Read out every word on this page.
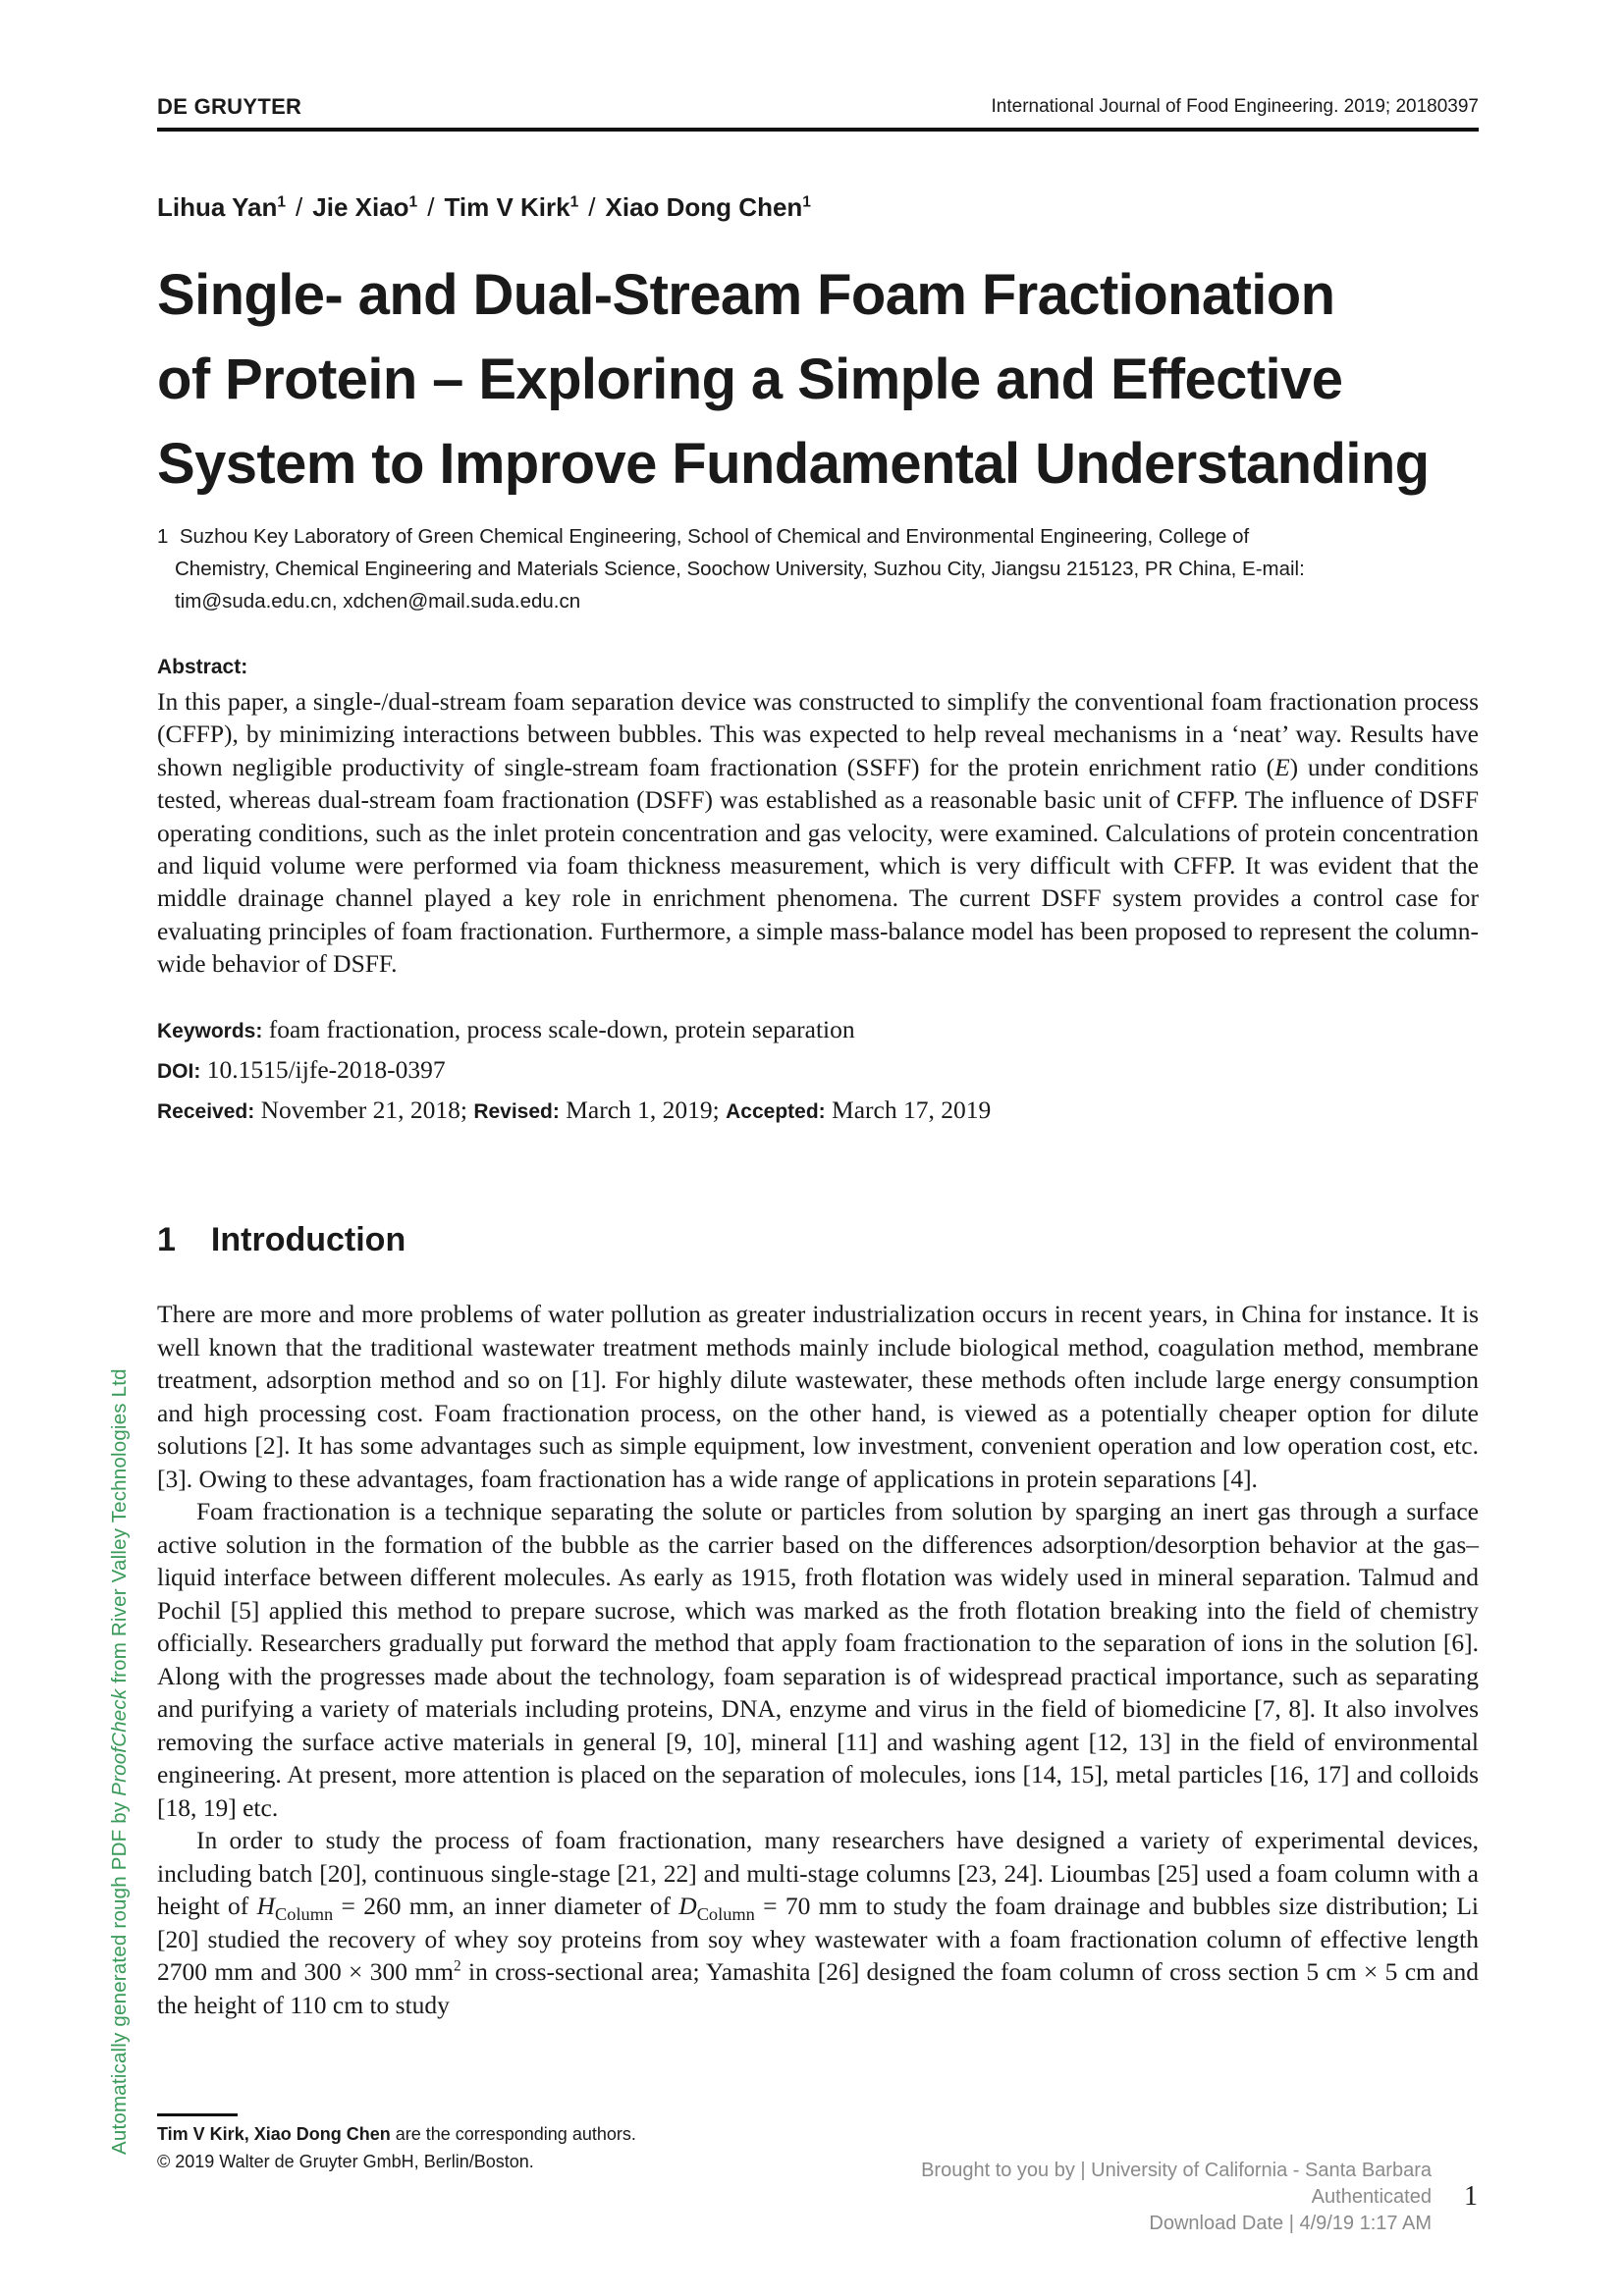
DE GRUYTER	International Journal of Food Engineering. 2019; 20180397
Lihua Yan$^1$ / Jie Xiao$^1$ / Tim V Kirk$^1$ / Xiao Dong Chen$^1$
Single- and Dual-Stream Foam Fractionation
of Protein – Exploring a Simple and Effective
System to Improve Fundamental Understanding
1 Suzhou Key Laboratory of Green Chemical Engineering, School of Chemical and Environmental Engineering, College of
Chemistry, Chemical Engineering and Materials Science, Soochow University, Suzhou City, Jiangsu 215123, PR China, E-mail:
tim@suda.edu.cn, xdchen@mail.suda.edu.cn
Abstract:
In this paper, a single-/dual-stream foam separation device was constructed to simplify the conventional foam fractionation process (CFFP), by minimizing interactions between bubbles. This was expected to help reveal mechanisms in a ‘neat’ way. Results have shown negligible productivity of single-stream foam fractionation (SSFF) for the protein enrichment ratio (E) under conditions tested, whereas dual-stream foam fractionation (DSFF) was established as a reasonable basic unit of CFFP. The influence of DSFF operating conditions, such as the inlet protein concentration and gas velocity, were examined. Calculations of protein concentration and liquid volume were performed via foam thickness measurement, which is very difficult with CFFP. It was evident that the middle drainage channel played a key role in enrichment phenomena. The current DSFF system provides a control case for evaluating principles of foam fractionation. Furthermore, a simple mass-balance model has been proposed to represent the column-wide behavior of DSFF.
Keywords: foam fractionation, process scale-down, protein separation
DOI: 10.1515/ijfe-2018-0397
Received: November 21, 2018; Revised: March 1, 2019; Accepted: March 17, 2019
1 Introduction

There are more and more problems of water pollution as greater industrialization occurs in recent years, in China for instance. It is well known that the traditional wastewater treatment methods mainly include biological method, coagulation method, membrane treatment, adsorption method and so on [1]. For highly dilute wastewater, these methods often include large energy consumption and high processing cost. Foam fractionation process, on the other hand, is viewed as a potentially cheaper option for dilute solutions [2]. It has some advantages such as simple equipment, low investment, convenient operation and low operation cost, etc. [3]. Owing to these advantages, foam fractionation has a wide range of applications in protein separations [4].

Foam fractionation is a technique separating the solute or particles from solution by sparging an inert gas through a surface active solution in the formation of the bubble as the carrier based on the differences adsorption/desorption behavior at the gas–liquid interface between different molecules. As early as 1915, froth flotation was widely used in mineral separation. Talmud and Pochil [5] applied this method to prepare sucrose, which was marked as the froth flotation breaking into the field of chemistry officially. Researchers gradually put forward the method that apply foam fractionation to the separation of ions in the solution [6]. Along with the progresses made about the technology, foam separation is of widespread practical importance, such as separating and purifying a variety of materials including proteins, DNA, enzyme and virus in the field of biomedicine [7, 8]. It also involves removing the surface active materials in general [9, 10], mineral [11] and washing agent [12, 13] in the field of environmental engineering. At present, more attention is placed on the separation of molecules, ions [14, 15], metal particles [16, 17] and colloids [18, 19] etc.

In order to study the process of foam fractionation, many researchers have designed a variety of experimental devices, including batch [20], continuous single-stage [21, 22] and multi-stage columns [23, 24]. Lioumbas [25] used a foam column with a height of $H_{Column} = 260$ mm, an inner diameter of $D_{Column} = 70$ mm to study the foam drainage and bubbles size distribution; Li [20] studied the recovery of whey soy proteins from soy whey wastewater with a foam fractionation column of effective length 2700 mm and 300 × 300 $mm^2$ in cross-sectional area; Yamashita [26] designed the foam column of cross section 5 cm × 5 cm and the height of 110 cm to study

Automatically generated rough PDF by ProofCheck from River Valley Technologies Ltd
Tim V Kirk, Xiao Dong Chen are the corresponding authors.
© 2019 Walter de Gruyter GmbH, Berlin/Boston.	Brought to you by | University of California - Santa Barbara
Authenticated
Download Date | 4/9/19 1:17 AM
1
